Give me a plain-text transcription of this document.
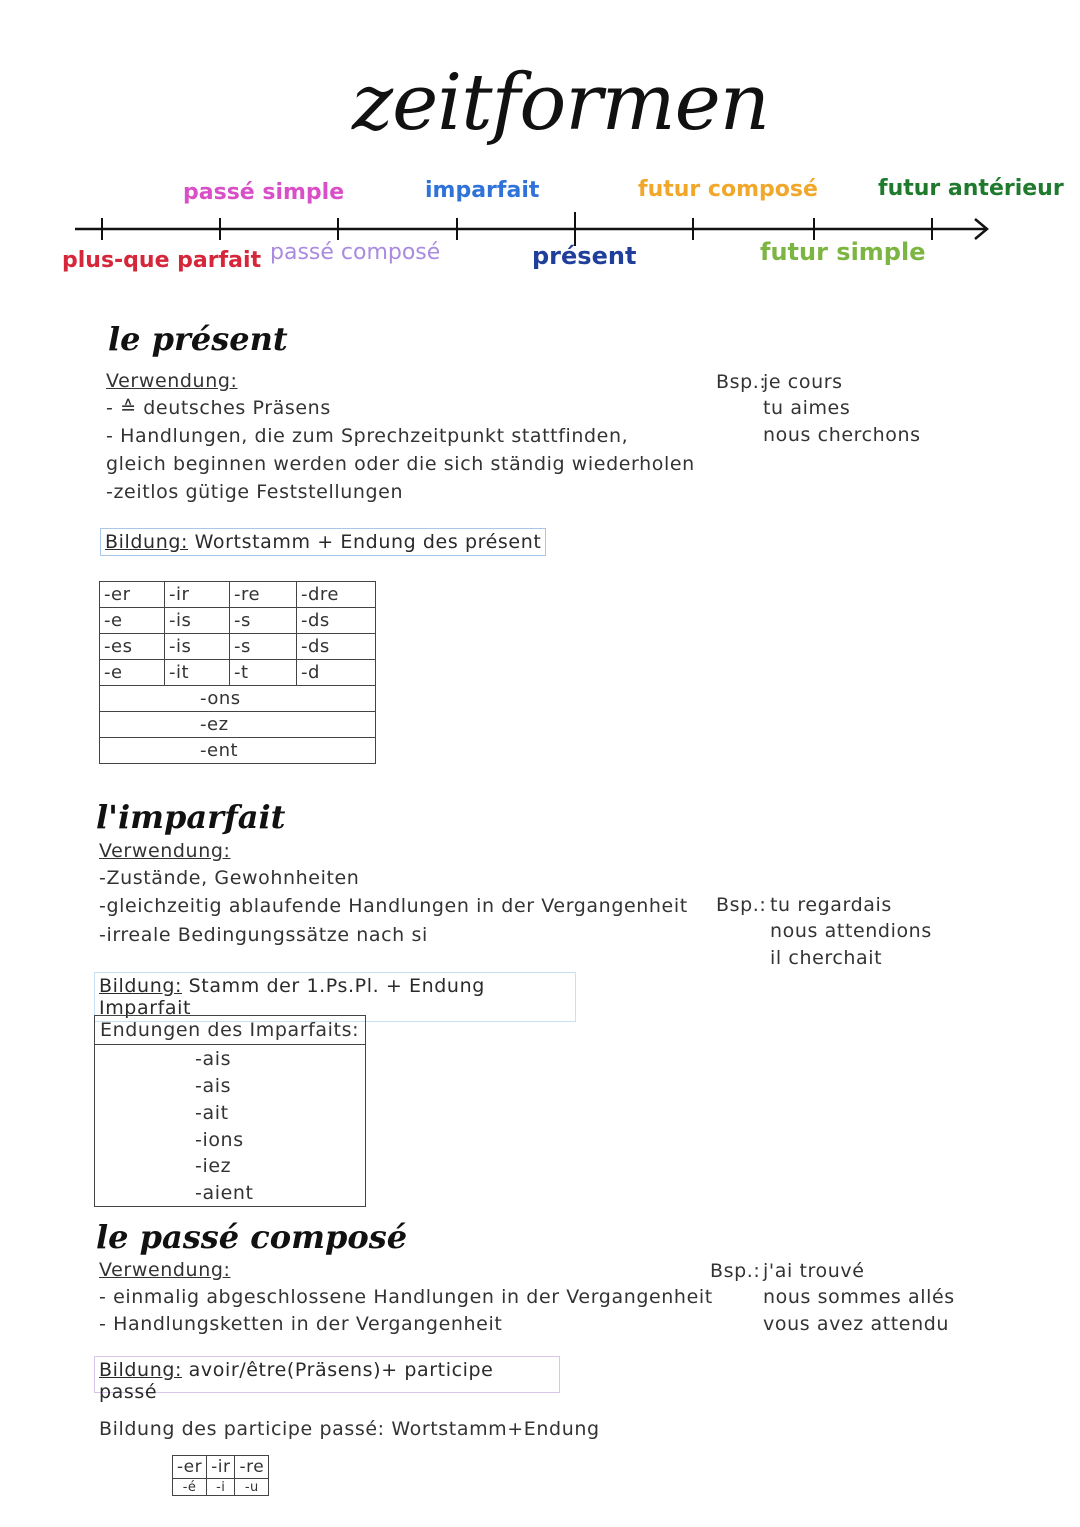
zeitformen
passé simple	imparfait	futur composé	futur antérieur
plus-que parfait passé composé	présent	futur simple
le présent
Verwendung:
- ≙ deutsches Präsens
- Handlungen, die zum Sprechzeitpunkt stattfinden,
gleich beginnen werden oder die sich ständig wiederholen
-zeitlos gütige Feststellungen
Bsp.:
je cours
tu aimes
nous cherchons
Bildung: Wortstamm + Endung des présent
-er	-ir	-re	-dre
-e	-is	-s	-ds
-es	-is	-s	-ds
-e	-it	-t	-d
-ons			
-ez			
-ent			
l'imparfait
Verwendung:
-Zustände, Gewohnheiten
-gleichzeitig ablaufende Handlungen in der Vergangenheit
-irreale Bedingungssätze nach si
Bsp.: tu regardais
nous attendions
il cherchait
Bildung: Stamm der 1.Ps.Pl. + Endung Imparfait
Endungen des Imparfaits:
-ais
-ais
-ait
-ions
-iez
-aient
le passé composé
Verwendung:
- einmalig abgeschlossene Handlungen in der Vergangenheit
- Handlungsketten in der Vergangenheit
Bsp.: j'ai trouvé
nous sommes allés
vous avez attendu
Bildung: avoir/être(Präsens)+ participe passé
Bildung des participe passé: Wortstamm+Endung
-er	-ir	-re
-é	-i	-u
